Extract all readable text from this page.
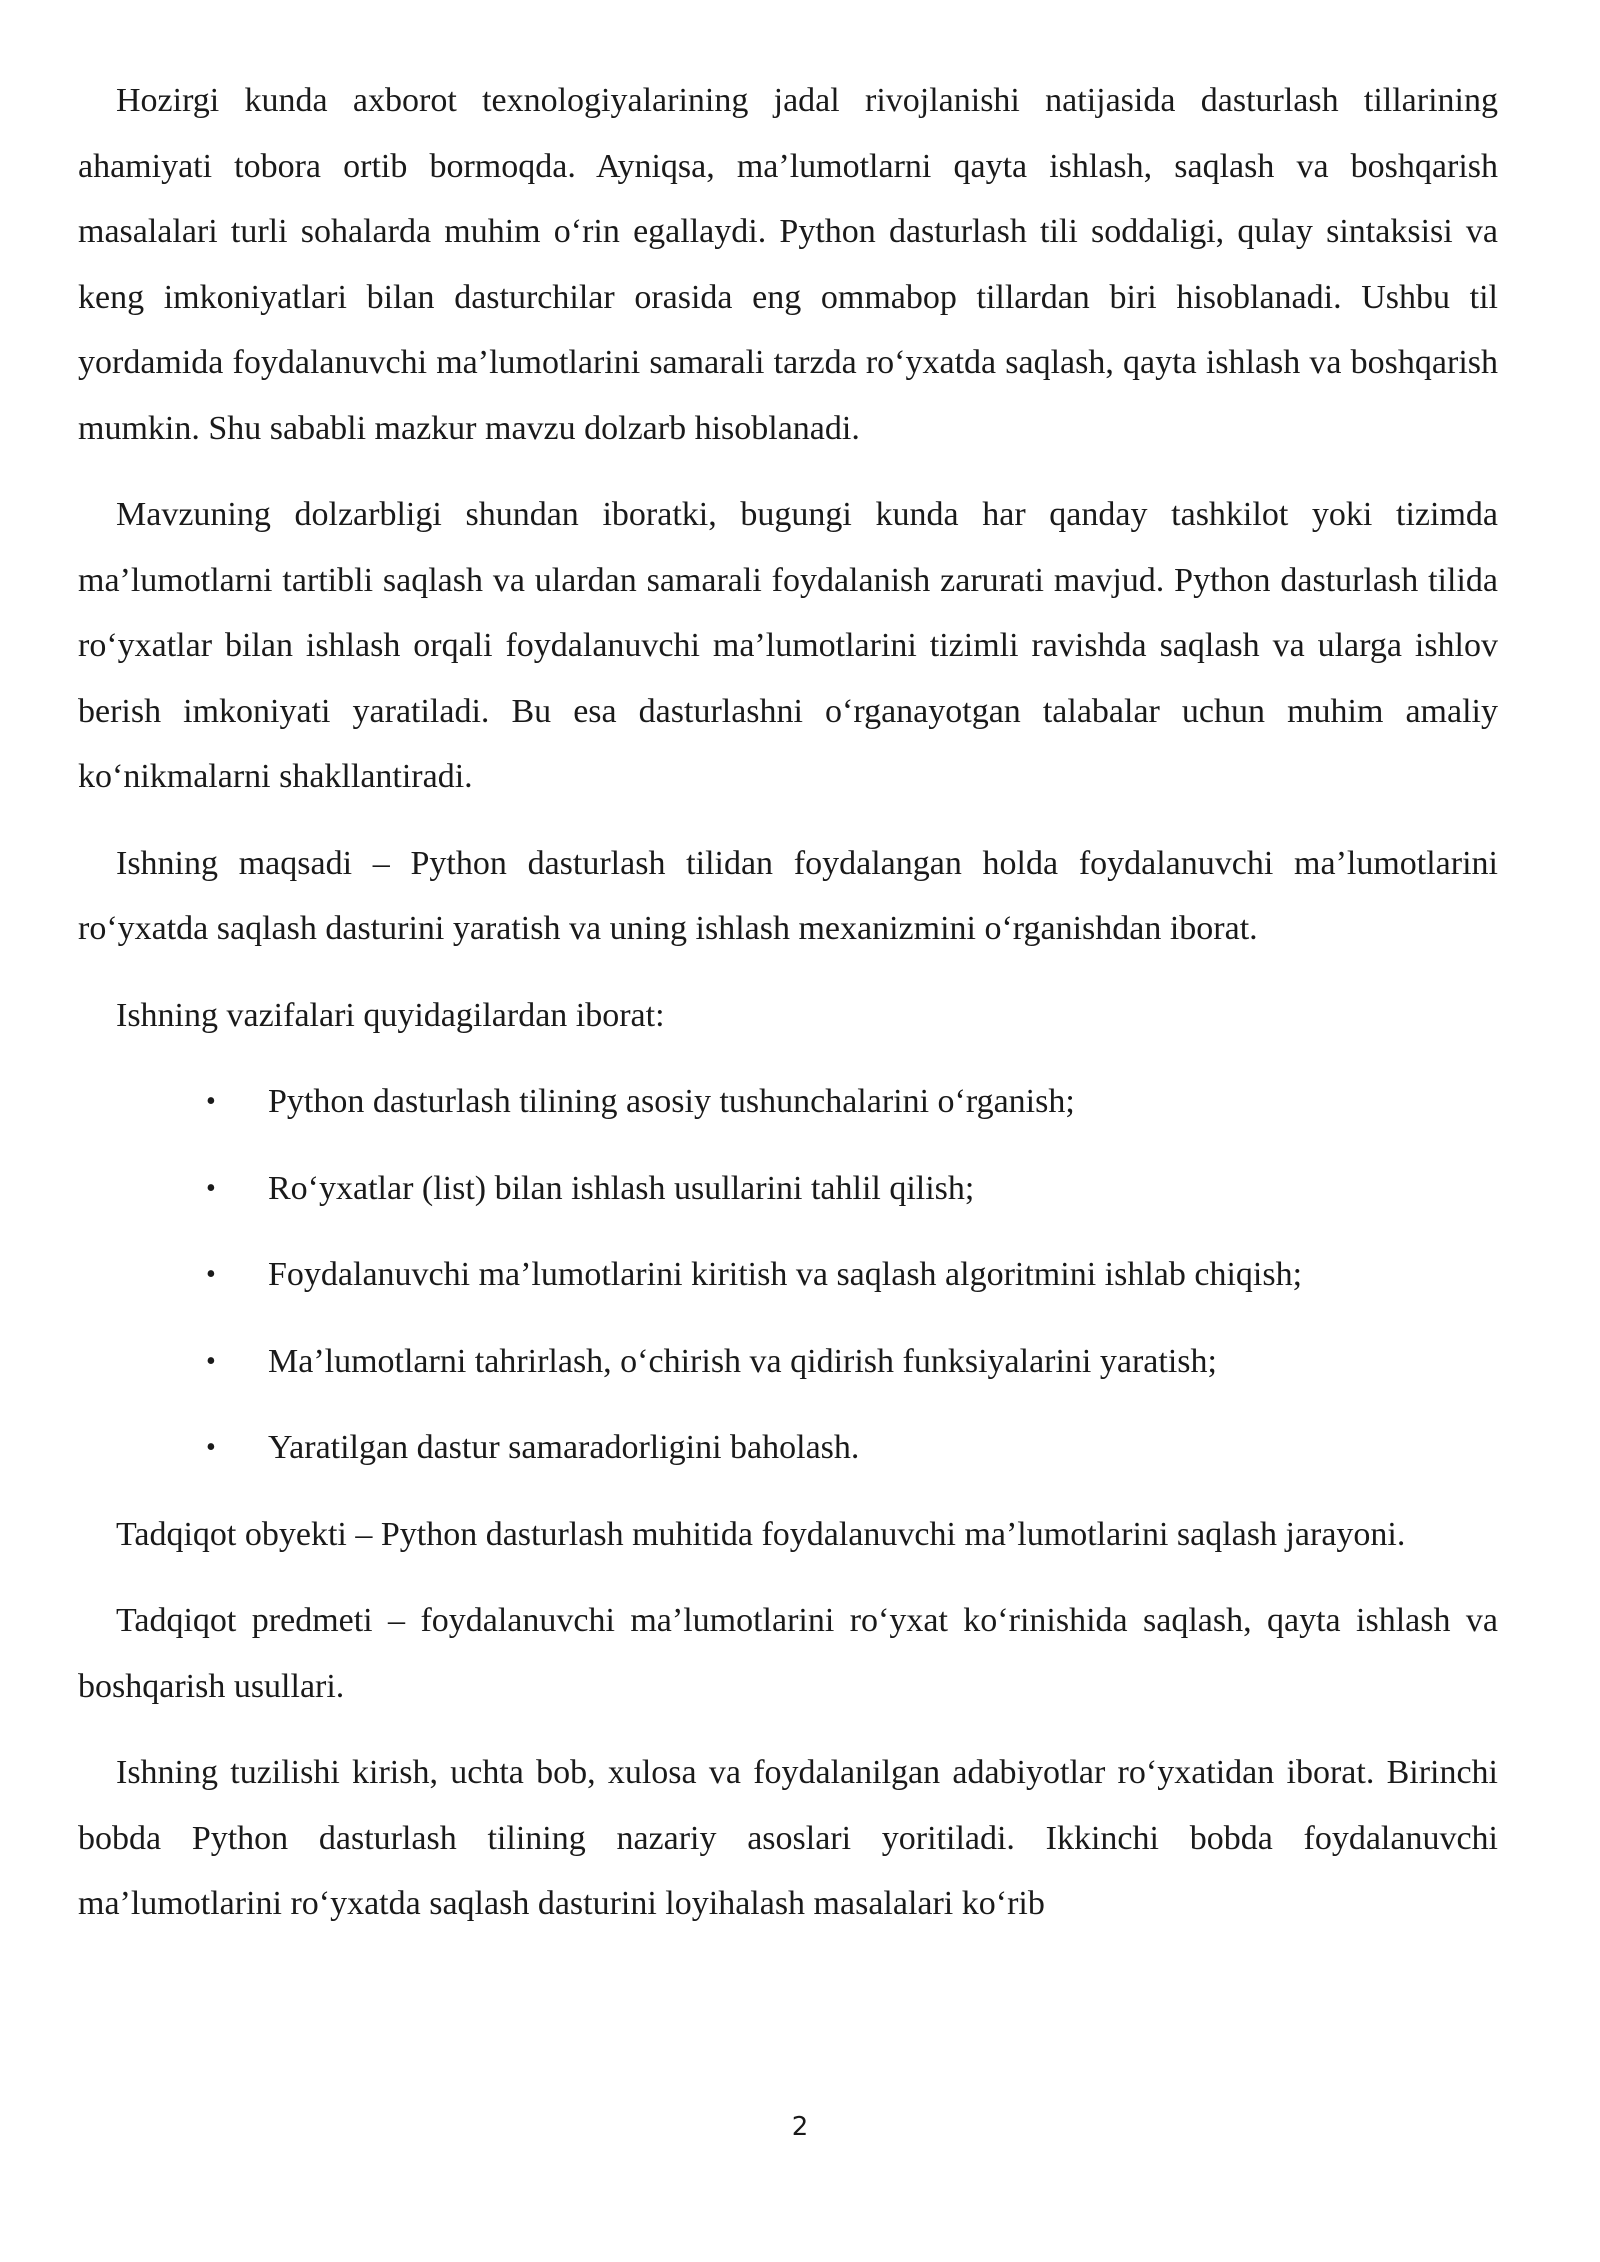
Hozirgi kunda axborot texnologiyalarining jadal rivojlanishi natijasida dasturlash tillarining ahamiyati tobora ortib bormoqda. Ayniqsa, ma’lumotlarni qayta ishlash, saqlash va boshqarish masalalari turli sohalarda muhim o‘rin egallaydi. Python dasturlash tili soddaligi, qulay sintaksisi va keng imkoniyatlari bilan dasturchilar orasida eng ommabop tillardan biri hisoblanadi. Ushbu til yordamida foydalanuvchi ma’lumotlarini samarali tarzda ro‘yxatda saqlash, qayta ishlash va boshqarish mumkin. Shu sababli mazkur mavzu dolzarb hisoblanadi.

Mavzuning dolzarbligi shundan iboratki, bugungi kunda har qanday tashkilot yoki tizimda ma’lumotlarni tartibli saqlash va ulardan samarali foydalanish zarurati mavjud. Python dasturlash tilida ro‘yxatlar bilan ishlash orqali foydalanuvchi ma’lumotlarini tizimli ravishda saqlash va ularga ishlov berish imkoniyati yaratiladi. Bu esa dasturlashni o‘rganayotgan talabalar uchun muhim amaliy ko‘nikmalarni shakllantiradi.

Ishning maqsadi – Python dasturlash tilidan foydalangan holda foydalanuvchi ma’lumotlarini ro‘yxatda saqlash dasturini yaratish va uning ishlash mexanizmini o‘rganishdan iborat.

Ishning vazifalari quyidagilardan iborat:

• Python dasturlash tilining asosiy tushunchalarini o‘rganish;
• Ro‘yxatlar (list) bilan ishlash usullarini tahlil qilish;
• Foydalanuvchi ma’lumotlarini kiritish va saqlash algoritmini ishlab chiqish;
• Ma’lumotlarni tahrirlash, o‘chirish va qidirish funksiyalarini yaratish;
• Yaratilgan dastur samaradorligini baholash.

Tadqiqot obyekti – Python dasturlash muhitida foydalanuvchi ma’lumotlarini saqlash jarayoni.

Tadqiqot predmeti – foydalanuvchi ma’lumotlarini ro‘yxat ko‘rinishida saqlash, qayta ishlash va boshqarish usullari.

Ishning tuzilishi kirish, uchta bob, xulosa va foydalanilgan adabiyotlar ro‘yxatidan iborat. Birinchi bobda Python dasturlash tilining nazariy asoslari yoritiladi. Ikkinchi bobda foydalanuvchi ma’lumotlarini ro‘yxatda saqlash dasturini loyihalash masalalari ko‘rib

2
